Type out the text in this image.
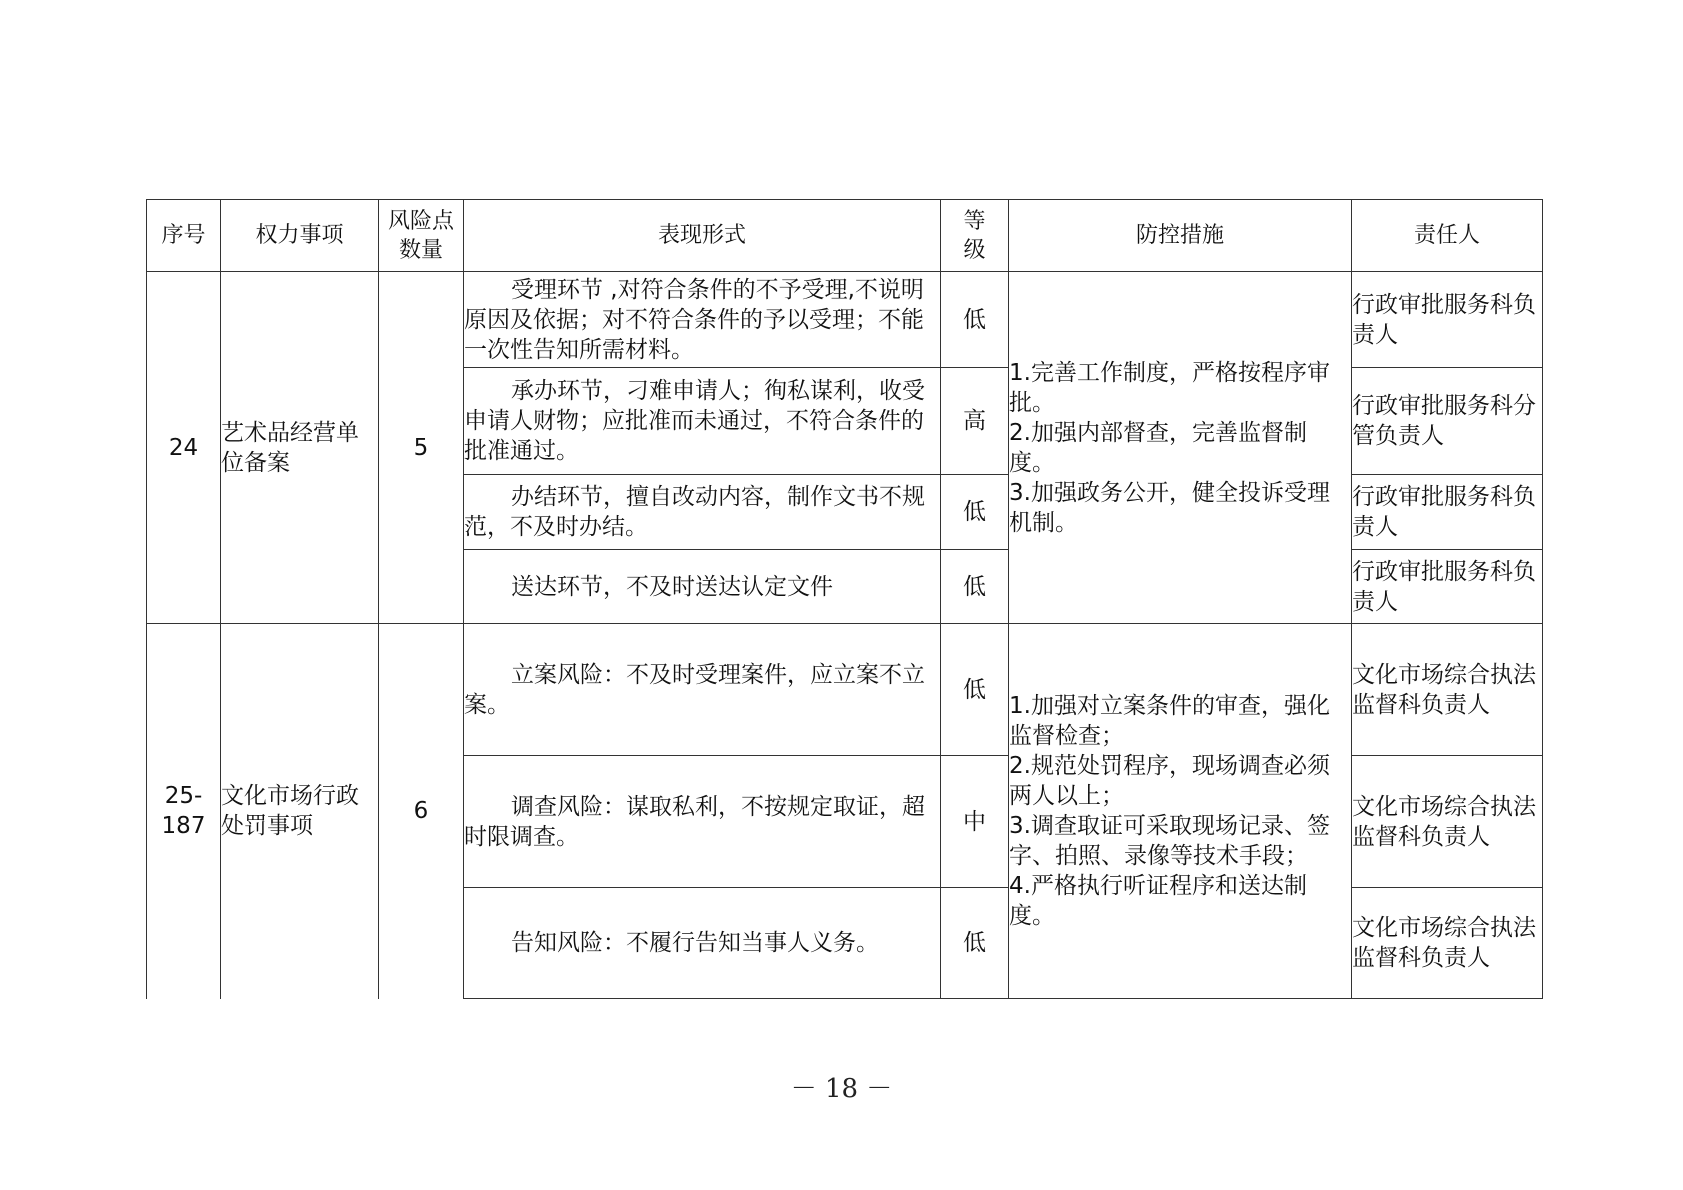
序号	权力事项	风险点数量	表现形式	等级	防控措施	责任人
24	艺术品经营单位备案	5	受理环节 ,对符合条件的不予受理,不说明原因及依据；对不符合条件的予以受理；不能一次性告知所需材料。	低	1.完善工作制度，严格按程序审批。
2.加强内部督查，完善监督制度。
3.加强政务公开，健全投诉受理机制。	行政审批服务科负责人
			承办环节，刁难申请人；徇私谋利，收受申请人财物；应批准而未通过，不符合条件的批准通过。	高		行政审批服务科分管负责人
			办结环节，擅自改动内容，制作文书不规范，不及时办结。	低		行政审批服务科负责人
			送达环节，不及时送达认定文件	低		行政审批服务科负责人
25-187	文化市场行政处罚事项	6	立案风险：不及时受理案件，应立案不立案。	低	1.加强对立案条件的审查，强化监督检查；
2.规范处罚程序，现场调查必须两人以上；
3.调查取证可采取现场记录、签字、拍照、录像等技术手段；
4.严格执行听证程序和送达制度。	文化市场综合执法监督科负责人
			调查风险：谋取私利，不按规定取证，超时限调查。	中		文化市场综合执法监督科负责人
			告知风险：不履行告知当事人义务。	低		文化市场综合执法监督科负责人
－ 18 －
